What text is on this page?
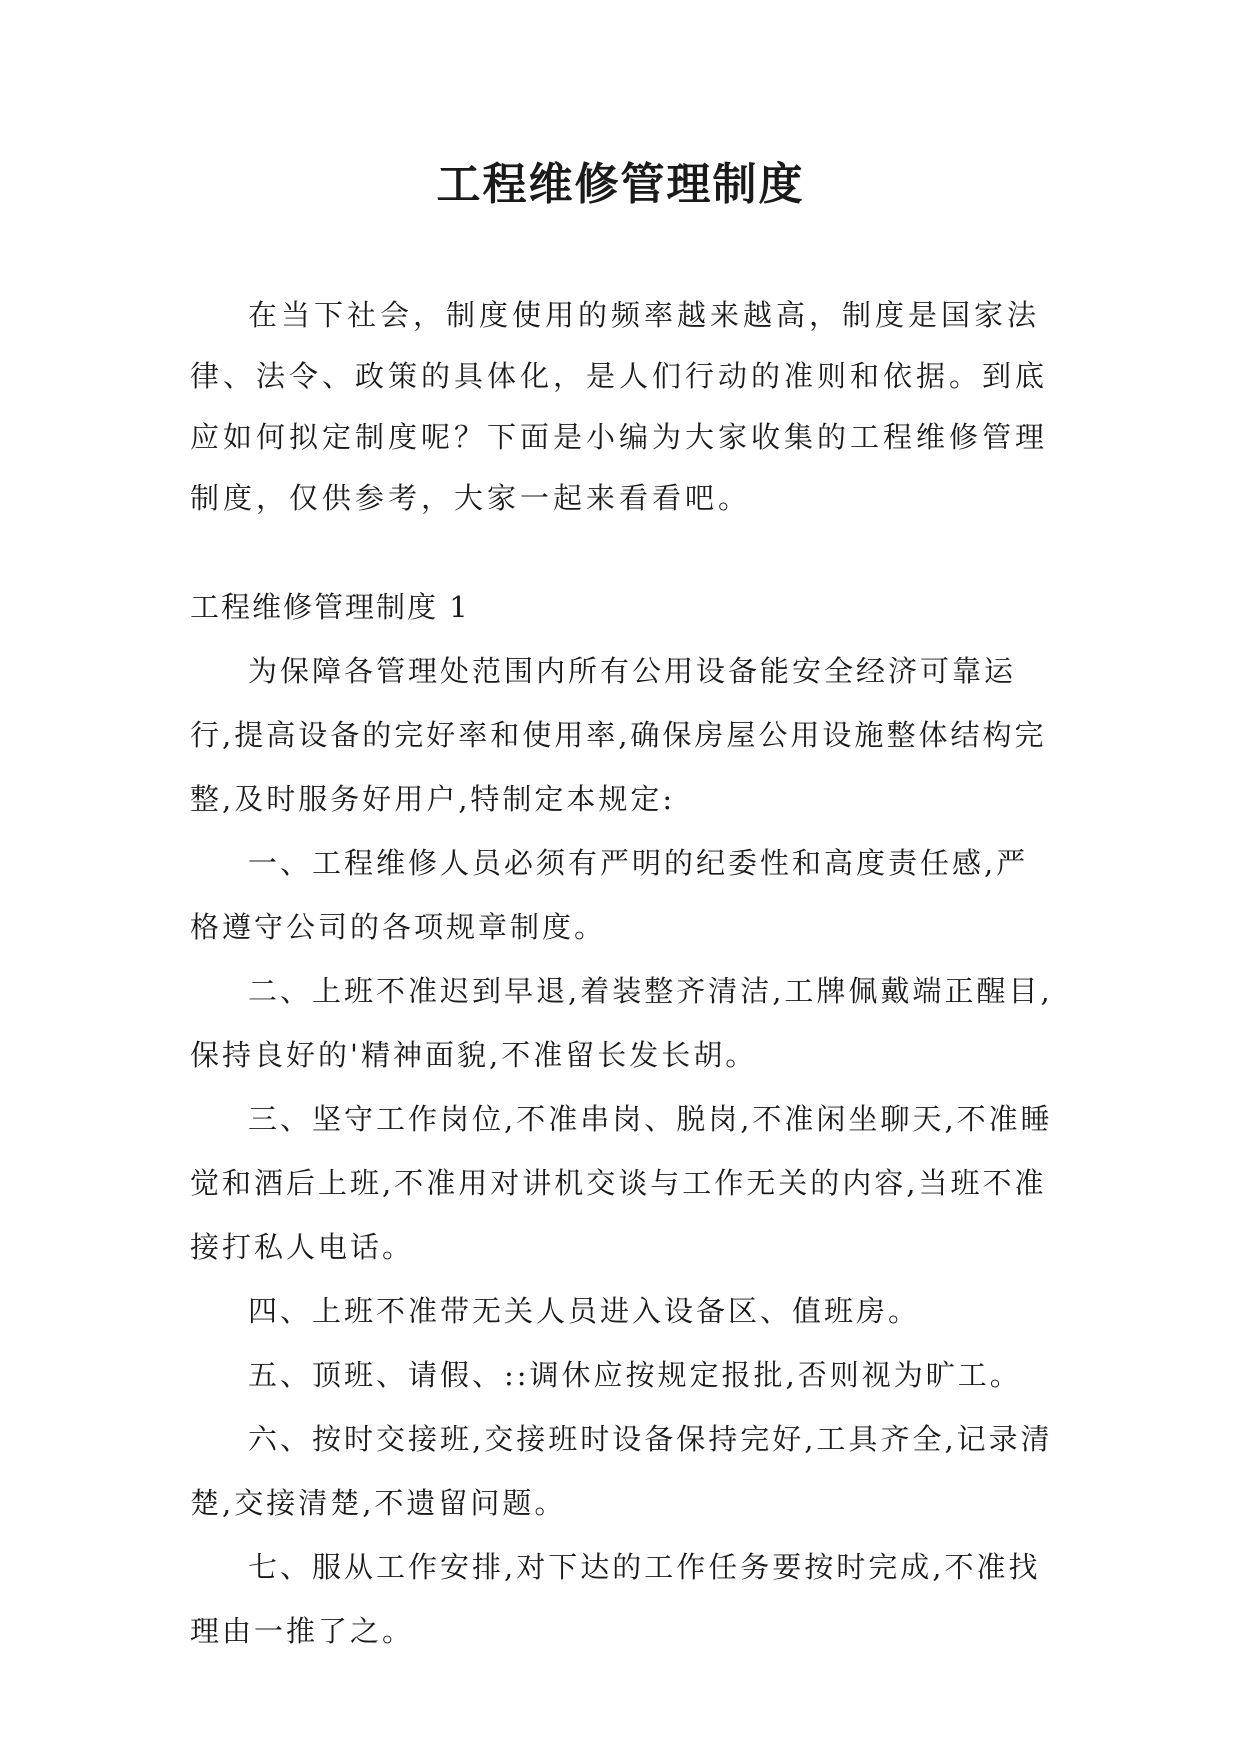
工程维修管理制度

在当下社会，制度使用的频率越来越高，制度是国家法律、法令、政策的具体化，是人们行动的准则和依据。到底应如何拟定制度呢？下面是小编为大家收集的工程维修管理制度，仅供参考，大家一起来看看吧。

工程维修管理制度 1

为保障各管理处范围内所有公用设备能安全经济可靠运行,提高设备的完好率和使用率,确保房屋公用设施整体结构完整,及时服务好用户,特制定本规定:

一、工程维修人员必须有严明的纪委性和高度责任感,严格遵守公司的各项规章制度。

二、上班不准迟到早退,着装整齐清洁,工牌佩戴端正醒目,保持良好的'精神面貌,不准留长发长胡。

三、坚守工作岗位,不准串岗、脱岗,不准闲坐聊天,不准睡觉和酒后上班,不准用对讲机交谈与工作无关的内容,当班不准接打私人电话。

四、上班不准带无关人员进入设备区、值班房。

五、顶班、请假、::调休应按规定报批,否则视为旷工。

六、按时交接班,交接班时设备保持完好,工具齐全,记录清楚,交接清楚,不遗留问题。

七、服从工作安排,对下达的工作任务要按时完成,不准找理由一推了之。
